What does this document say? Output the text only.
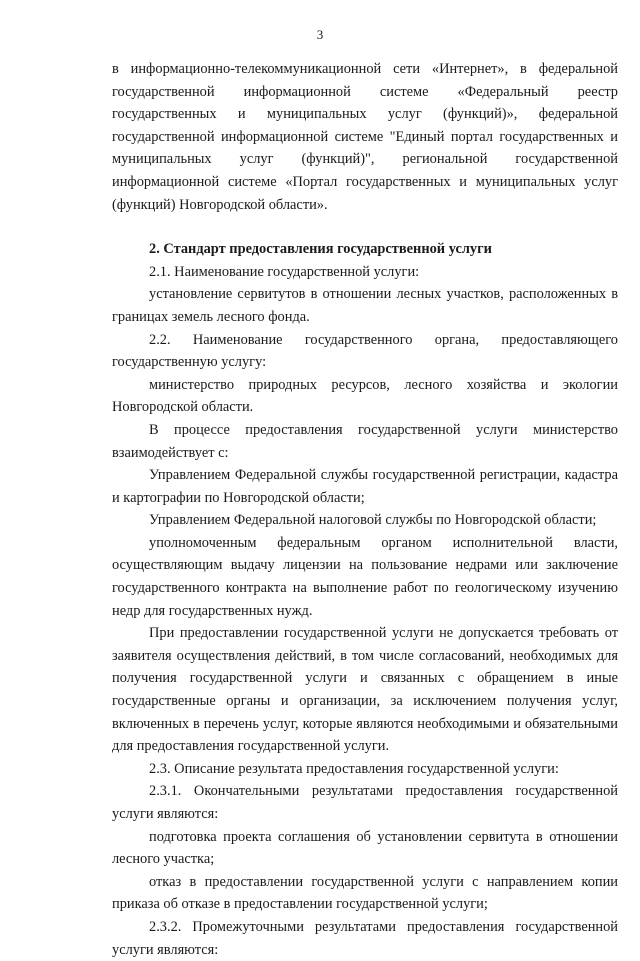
3

в информационно-телекоммуникационной сети «Интернет», в федеральной государственной информационной системе «Федеральный реестр государственных и муниципальных услуг (функций)», федеральной государственной информационной системе "Единый портал государственных и муниципальных услуг (функций)", региональной государственной информационной системе «Портал государственных и муниципальных услуг (функций) Новгородской области».

2. Стандарт предоставления государственной услуги

2.1. Наименование государственной услуги:

установление сервитутов в отношении лесных участков, расположенных в границах земель лесного фонда.

2.2. Наименование государственного органа, предоставляющего государственную услугу:

министерство природных ресурсов, лесного хозяйства и экологии Новгородской области.

В процессе предоставления государственной услуги министерство взаимодействует с:

Управлением Федеральной службы государственной регистрации, кадастра и картографии по Новгородской области;

Управлением Федеральной налоговой службы по Новгородской области;

уполномоченным федеральным органом исполнительной власти, осуществляющим выдачу лицензии на пользование недрами или заключение государственного контракта на выполнение работ по геологическому изучению недр для государственных нужд.

При предоставлении государственной услуги не допускается требовать от заявителя осуществления действий, в том числе согласований, необходимых для получения государственной услуги и связанных с обращением в иные государственные органы и организации, за исключением получения услуг, включенных в перечень услуг, которые являются необходимыми и обязательными для предоставления государственной услуги.

2.3. Описание результата предоставления государственной услуги:

2.3.1. Окончательными результатами предоставления государственной услуги являются:

подготовка проекта соглашения об установлении сервитута в отношении лесного участка;

отказ в предоставлении государственной услуги с направлением копии приказа об отказе в предоставлении государственной услуги;

2.3.2. Промежуточными результатами предоставления государственной услуги являются:
